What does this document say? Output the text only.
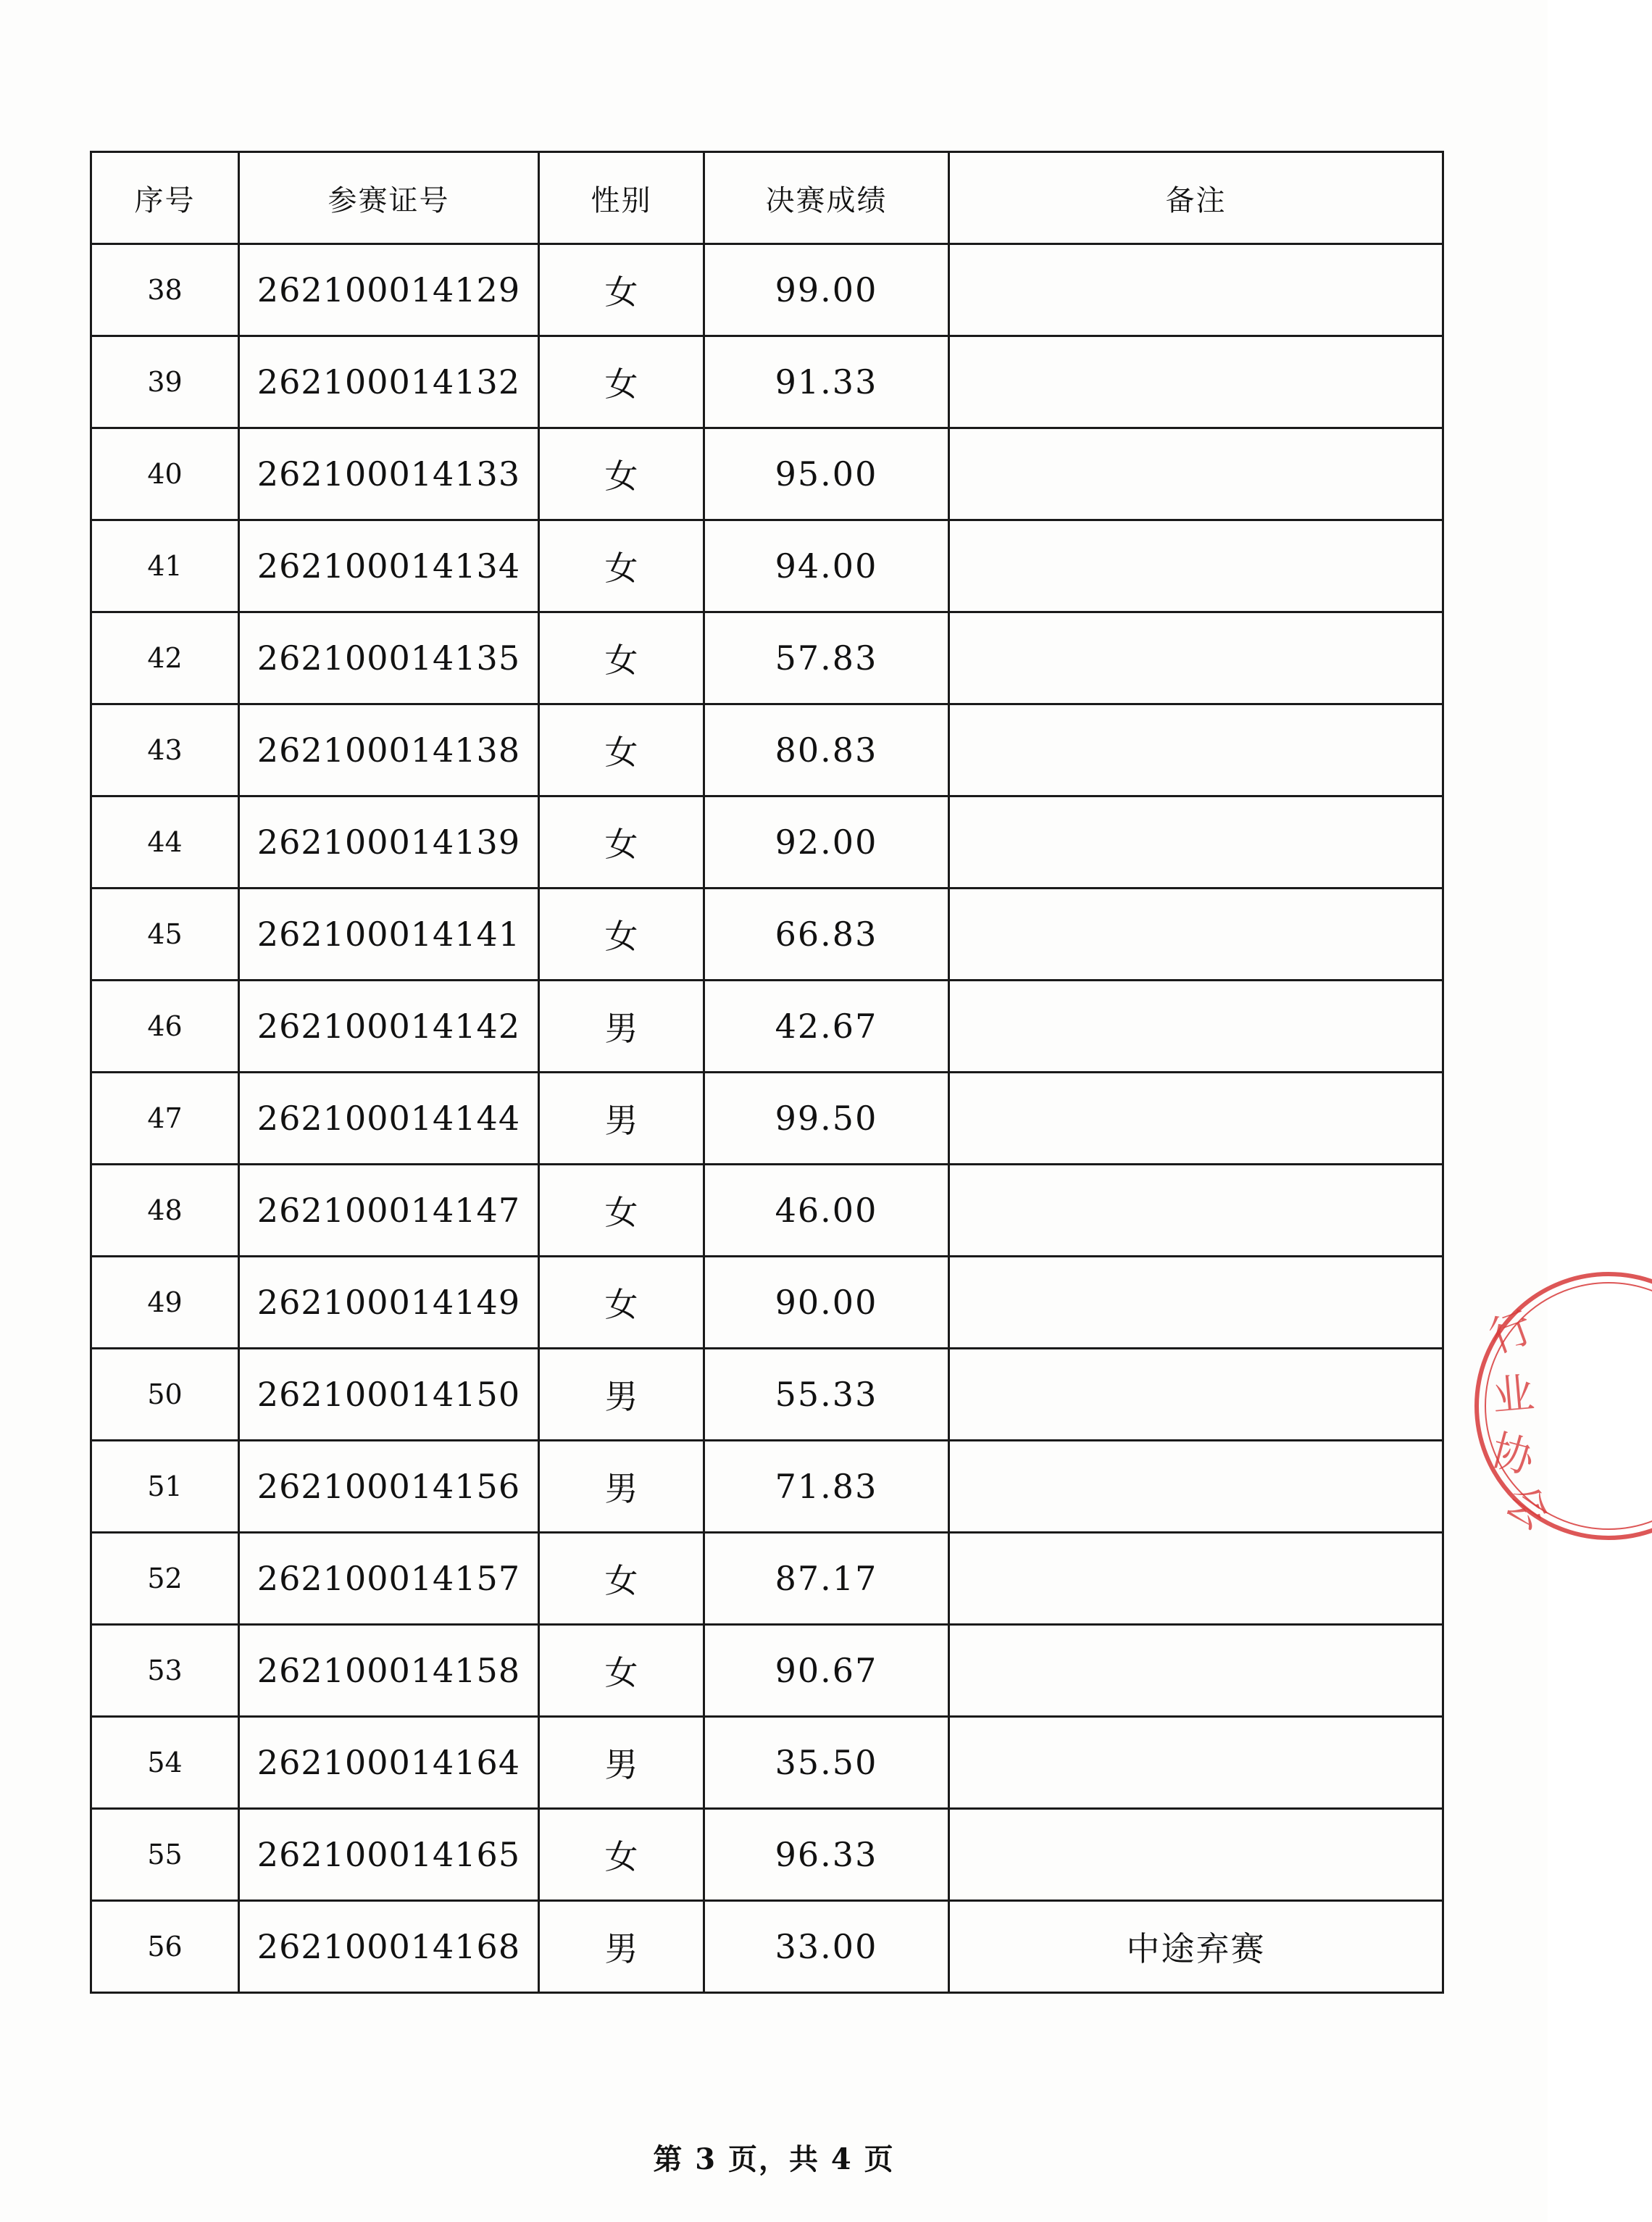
序号	参赛证号	性别	决赛成绩	备注
38	262100014129	女	99.00	
39	262100014132	女	91.33	
40	262100014133	女	95.00	
41	262100014134	女	94.00	
42	262100014135	女	57.83	
43	262100014138	女	80.83	
44	262100014139	女	92.00	
45	262100014141	女	66.83	
46	262100014142	男	42.67	
47	262100014144	男	99.50	
48	262100014147	女	46.00	
49	262100014149	女	90.00	
50	262100014150	男	55.33	
51	262100014156	男	71.83	
52	262100014157	女	87.17	
53	262100014158	女	90.67	
54	262100014164	男	35.50	
55	262100014165	女	96.33	
56	262100014168	男	33.00	中途弃赛
第 3 页，共 4 页
行
业
协
会
